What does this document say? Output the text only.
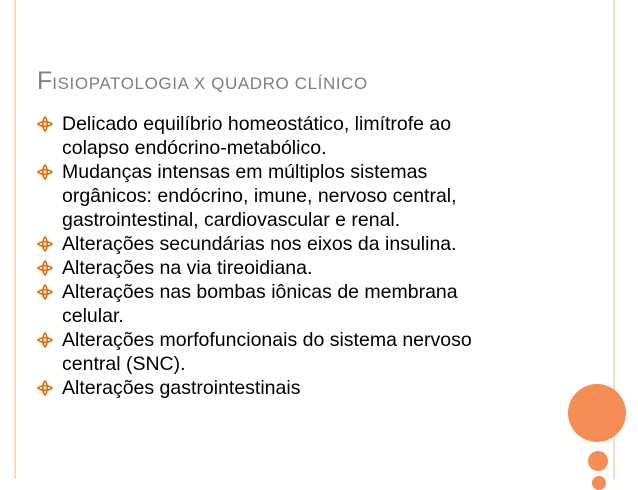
FISIOPATOLOGIA X QUADRO CLÍNICO
Delicado equilíbrio homeostático, limítrofe ao
colapso endócrino-metabólico.
Mudanças intensas em múltiplos sistemas
orgânicos: endócrino, imune, nervoso central,
gastrointestinal, cardiovascular e renal.
Alterações secundárias nos eixos da insulina.
Alterações na via tireoidiana.
Alterações nas bombas iônicas de membrana
celular.
Alterações morfofuncionais do sistema nervoso
central (SNC).
Alterações gastrointestinais
